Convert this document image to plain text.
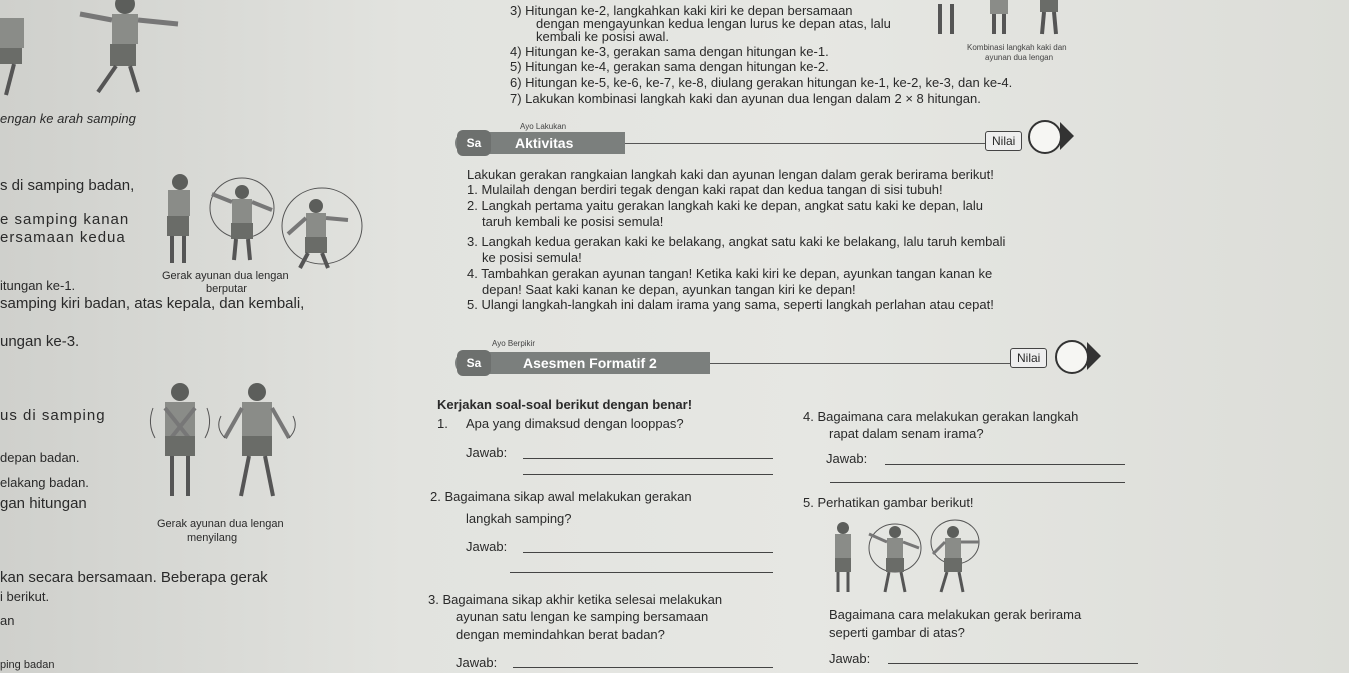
engan ke arah samping
s di samping badan,
e samping kanan
ersamaan kedua
itungan ke-1.
samping kiri badan, atas kepala, dan kembali,
ungan ke-3.
us di samping
depan badan.
elakang badan.
gan hitungan
kan secara bersamaan. Beberapa gerak
i berikut.
an
ping badan
Gerak ayunan dua lengan
berputar
Gerak ayunan dua lengan
menyilang
3) Hitungan ke-2, langkahkan kaki kiri ke depan bersamaan
dengan mengayunkan kedua lengan lurus ke depan atas, lalu
kembali ke posisi awal.
4) Hitungan ke-3, gerakan sama dengan hitungan ke-1.
5) Hitungan ke-4, gerakan sama dengan hitungan ke-2.
6) Hitungan ke-5, ke-6, ke-7, ke-8, diulang gerakan hitungan ke-1, ke-2, ke-3, dan ke-4.
7) Lakukan kombinasi langkah kaki dan ayunan dua lengan dalam 2 × 8 hitungan.
Kombinasi langkah kaki dan
ayunan dua lengan
Ayo Lakukan
Aktivitas
Sa	Nilai
Lakukan gerakan rangkaian langkah kaki dan ayunan lengan dalam gerak berirama berikut!
1. Mulailah dengan berdiri tegak dengan kaki rapat dan kedua tangan di sisi tubuh!
2. Langkah pertama yaitu gerakan langkah kaki ke depan, angkat satu kaki ke depan, lalu
taruh kembali ke posisi semula!
3. Langkah kedua gerakan kaki ke belakang, angkat satu kaki ke belakang, lalu taruh kembali
ke posisi semula!
4. Tambahkan gerakan ayunan tangan! Ketika kaki kiri ke depan, ayunkan tangan kanan ke
depan! Saat kaki kanan ke depan, ayunkan tangan kiri ke depan!
5. Ulangi langkah-langkah ini dalam irama yang sama, seperti langkah perlahan atau cepat!
Ayo Berpikir
Asesmen Formatif 2
Sa	Nilai
Kerjakan soal-soal berikut dengan benar!
1. Apa yang dimaksud dengan looppas?
Jawab:
2. Bagaimana sikap awal melakukan gerakan
langkah samping?
Jawab:
3. Bagaimana sikap akhir ketika selesai melakukan
ayunan satu lengan ke samping bersamaan
dengan memindahkan berat badan?
Jawab:
4. Bagaimana cara melakukan gerakan langkah
rapat dalam senam irama?
Jawab:
5. Perhatikan gambar berikut!
Bagaimana cara melakukan gerak berirama
seperti gambar di atas?
Jawab:
